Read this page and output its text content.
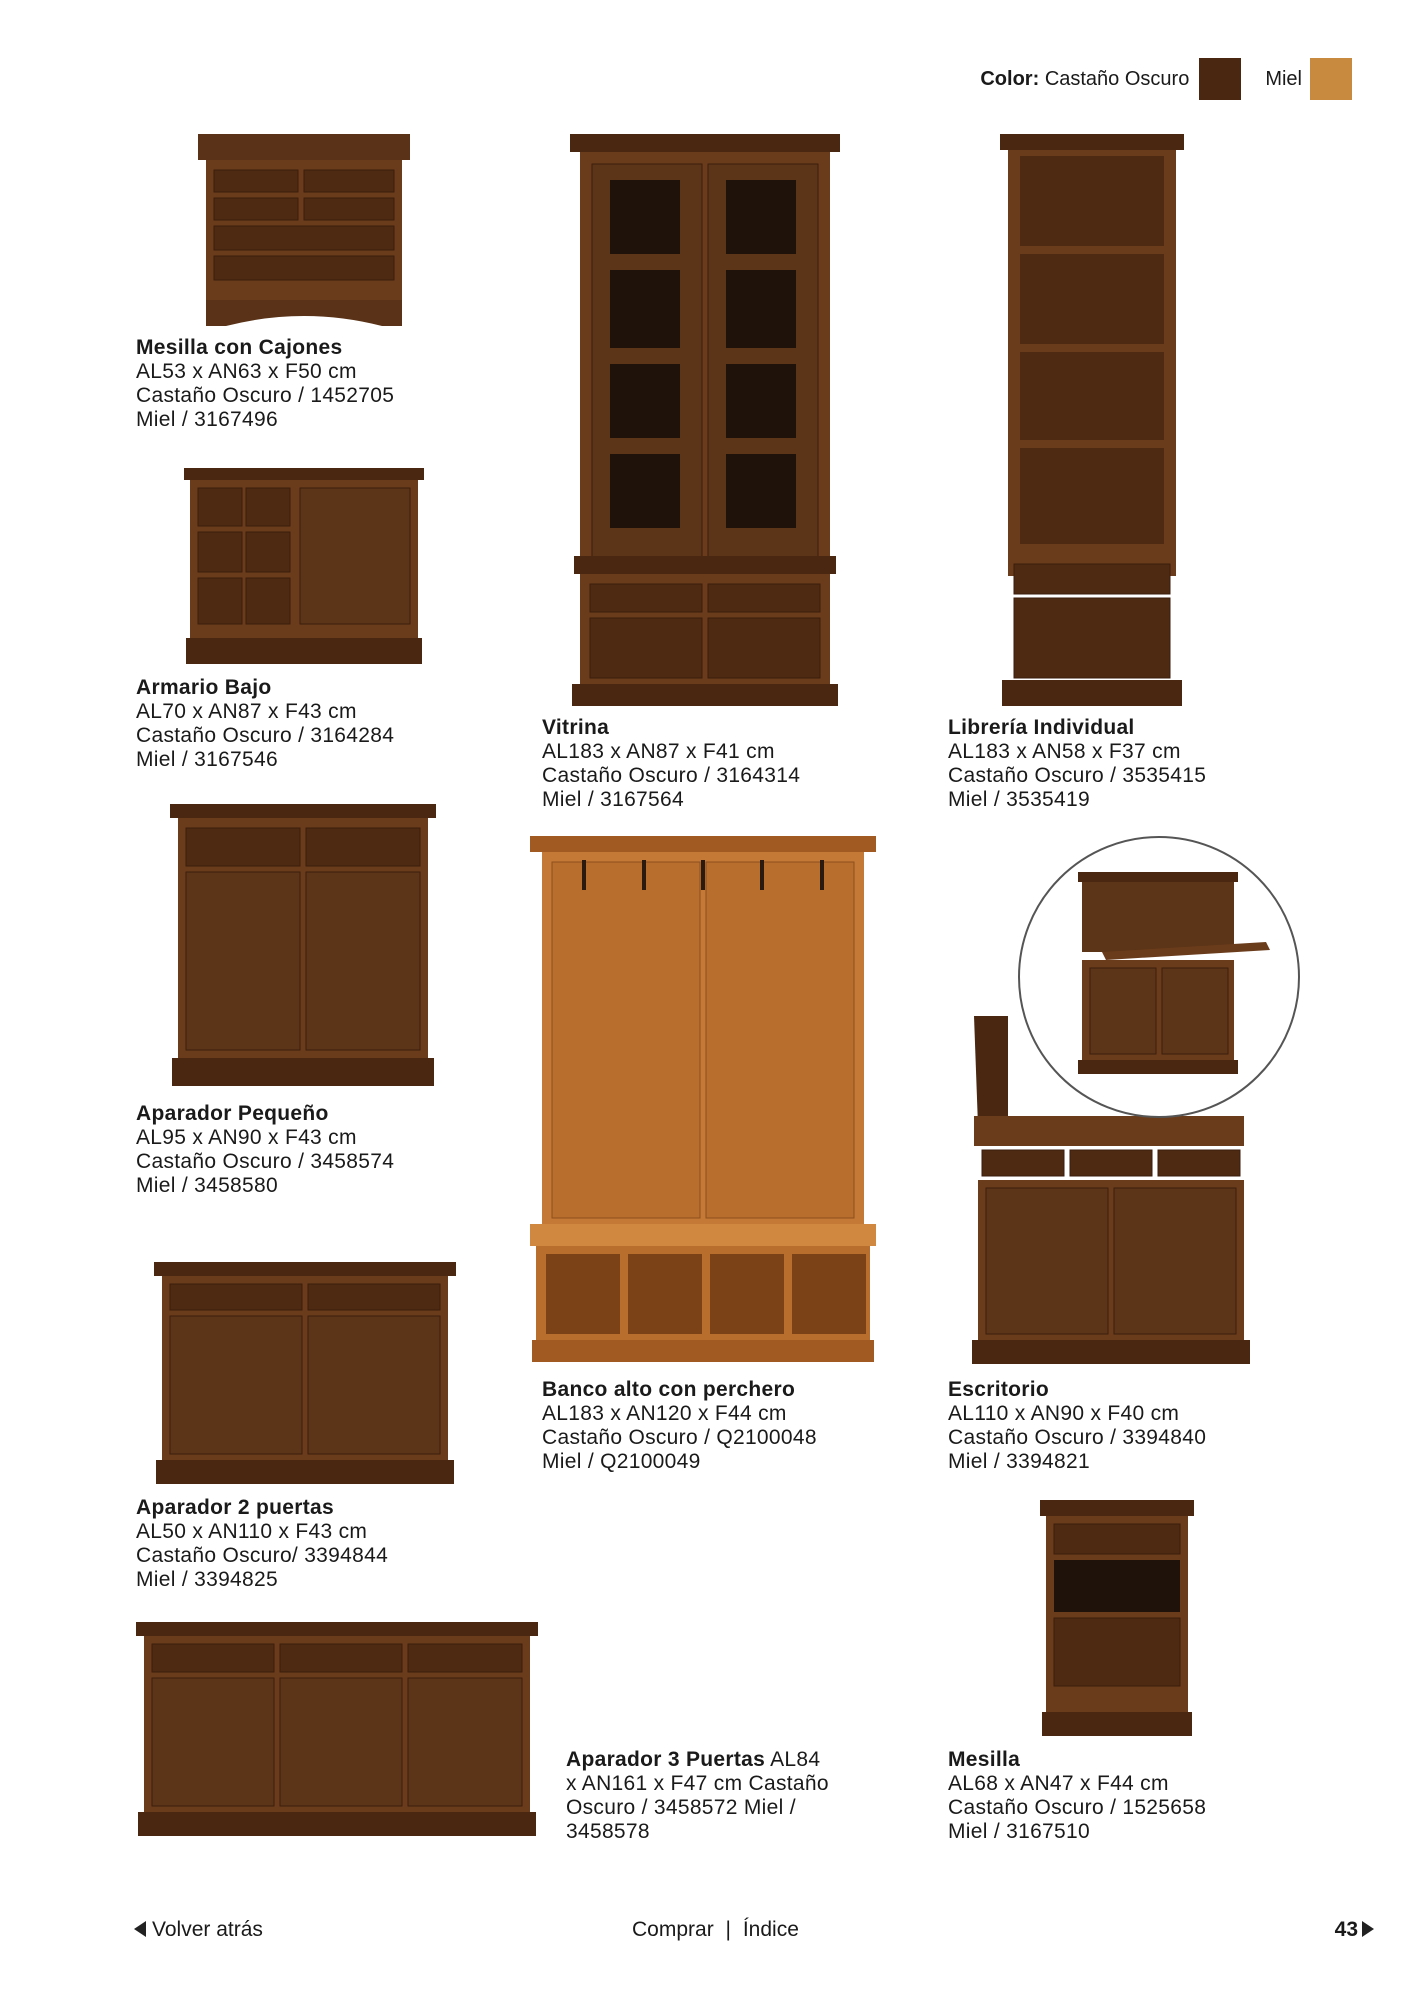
Color:
Castaño Oscuro	Miel
Mesilla con Cajones
AL53 x AN63 x F50 cm
Castaño Oscuro / 1452705
Miel / 3167496
Armario Bajo
AL70 x AN87 x F43 cm
Castaño Oscuro / 3164284
Miel / 3167546
Vitrina
AL183 x AN87 x F41 cm
Castaño Oscuro / 3164314
Miel / 3167564
Librería Individual
AL183 x AN58 x F37 cm
Castaño Oscuro / 3535415
Miel / 3535419
Aparador Pequeño
AL95 x AN90 x F43 cm
Castaño Oscuro / 3458574
Miel / 3458580
Banco alto con perchero
AL183 x AN120 x F44 cm
Castaño Oscuro / Q2100048
Miel / Q2100049
Escritorio
AL110 x AN90 x F40 cm
Castaño Oscuro / 3394840
Miel / 3394821
Aparador 2 puertas
AL50 x AN110 x F43 cm
Castaño Oscuro/ 3394844
Miel / 3394825
Aparador 3 Puertas AL84 x AN161 x F47 cm Castaño Oscuro / 3458572 Miel / 3458578
Mesilla
AL68 x AN47 x F44 cm
Castaño Oscuro / 1525658
Miel / 3167510
Volver atrás	Comprar | Índice	43
